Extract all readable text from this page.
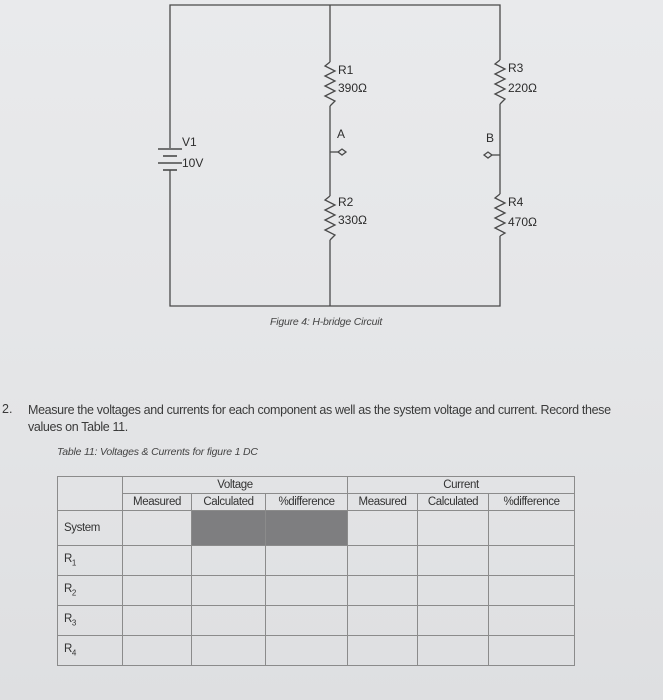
V1
10V
R1
390Ω
A
R2
330Ω
R3
220Ω
B
R4
470Ω
Figure 4: H-bridge Circuit
2. Measure the voltages and currents for each component as well as the system voltage and current. Record these values on Table 11.
Table 11: Voltages & Currents for figure 1 DC
	Voltage			Current		
	Measured	Calculated	%difference	Measured	Calculated	%difference
System						
$R_1$						
$R_2$						
$R_3$						
$R_4$						
